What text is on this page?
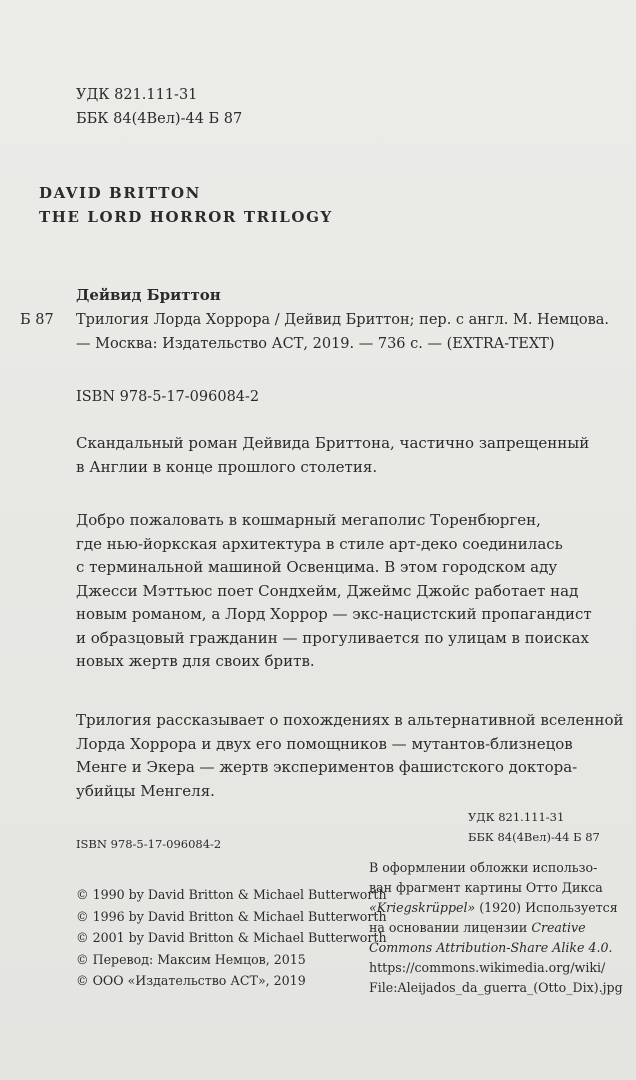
УДК 821.111-31
ББК 84(4Вел)-44 Б 87
DAVID BRITTON
THE LORD HORROR TRILOGY
Дейвид Бриттон
Б 87 Трилогия Лорда Хоррора / Дейвид Бриттон; пер. с англ. М. Немцова.
— Москва: Издательство АСТ, 2019. — 736 с. — (EXTRA-TEXT)
ISBN 978-5-17-096084-2
Скандальный роман Дейвида Бриттона, частично запрещенный
в Англии в конце прошлого столетия.
Добро пожаловать в кошмарный мегаполис Торенбюрген,
где нью-йоркская архитектура в стиле арт-деко соединилась
с терминальной машиной Освенцима. В этом городском аду
Джесси Мэттьюс поет Сондхейм, Джеймс Джойс работает над
новым романом, а Лорд Хоррор — экс-нацистский пропагандист
и образцовый гражданин — прогуливается по улицам в поисках
новых жертв для своих бритв.
Трилогия рассказывает о похождениях в альтернативной вселенной
Лорда Хоррора и двух его помощников — мутантов-близнецов
Менге и Экера — жертв экспериментов фашистского доктора-
убийцы Менгеля.
УДК 821.111-31
ББК 84(4Вел)-44 Б 87
ISBN 978-5-17-096084-2
© 1990 by David Britton & Michael Butterworth
© 1996 by David Britton & Michael Butterworth
© 2001 by David Britton & Michael Butterworth
© Перевод: Максим Немцов, 2015
© ООО «Издательство АСТ», 2019
В оформлении обложки использо-
ван фрагмент картины Отто Дикса
«Kriegskrüppel» (1920) Используется
на основании лицензии Creative
Commons Attribution-Share Alike 4.0.
https://commons.wikimedia.org/wiki/
File:Aleijados_da_guerra_(Otto_Dix).jpg
